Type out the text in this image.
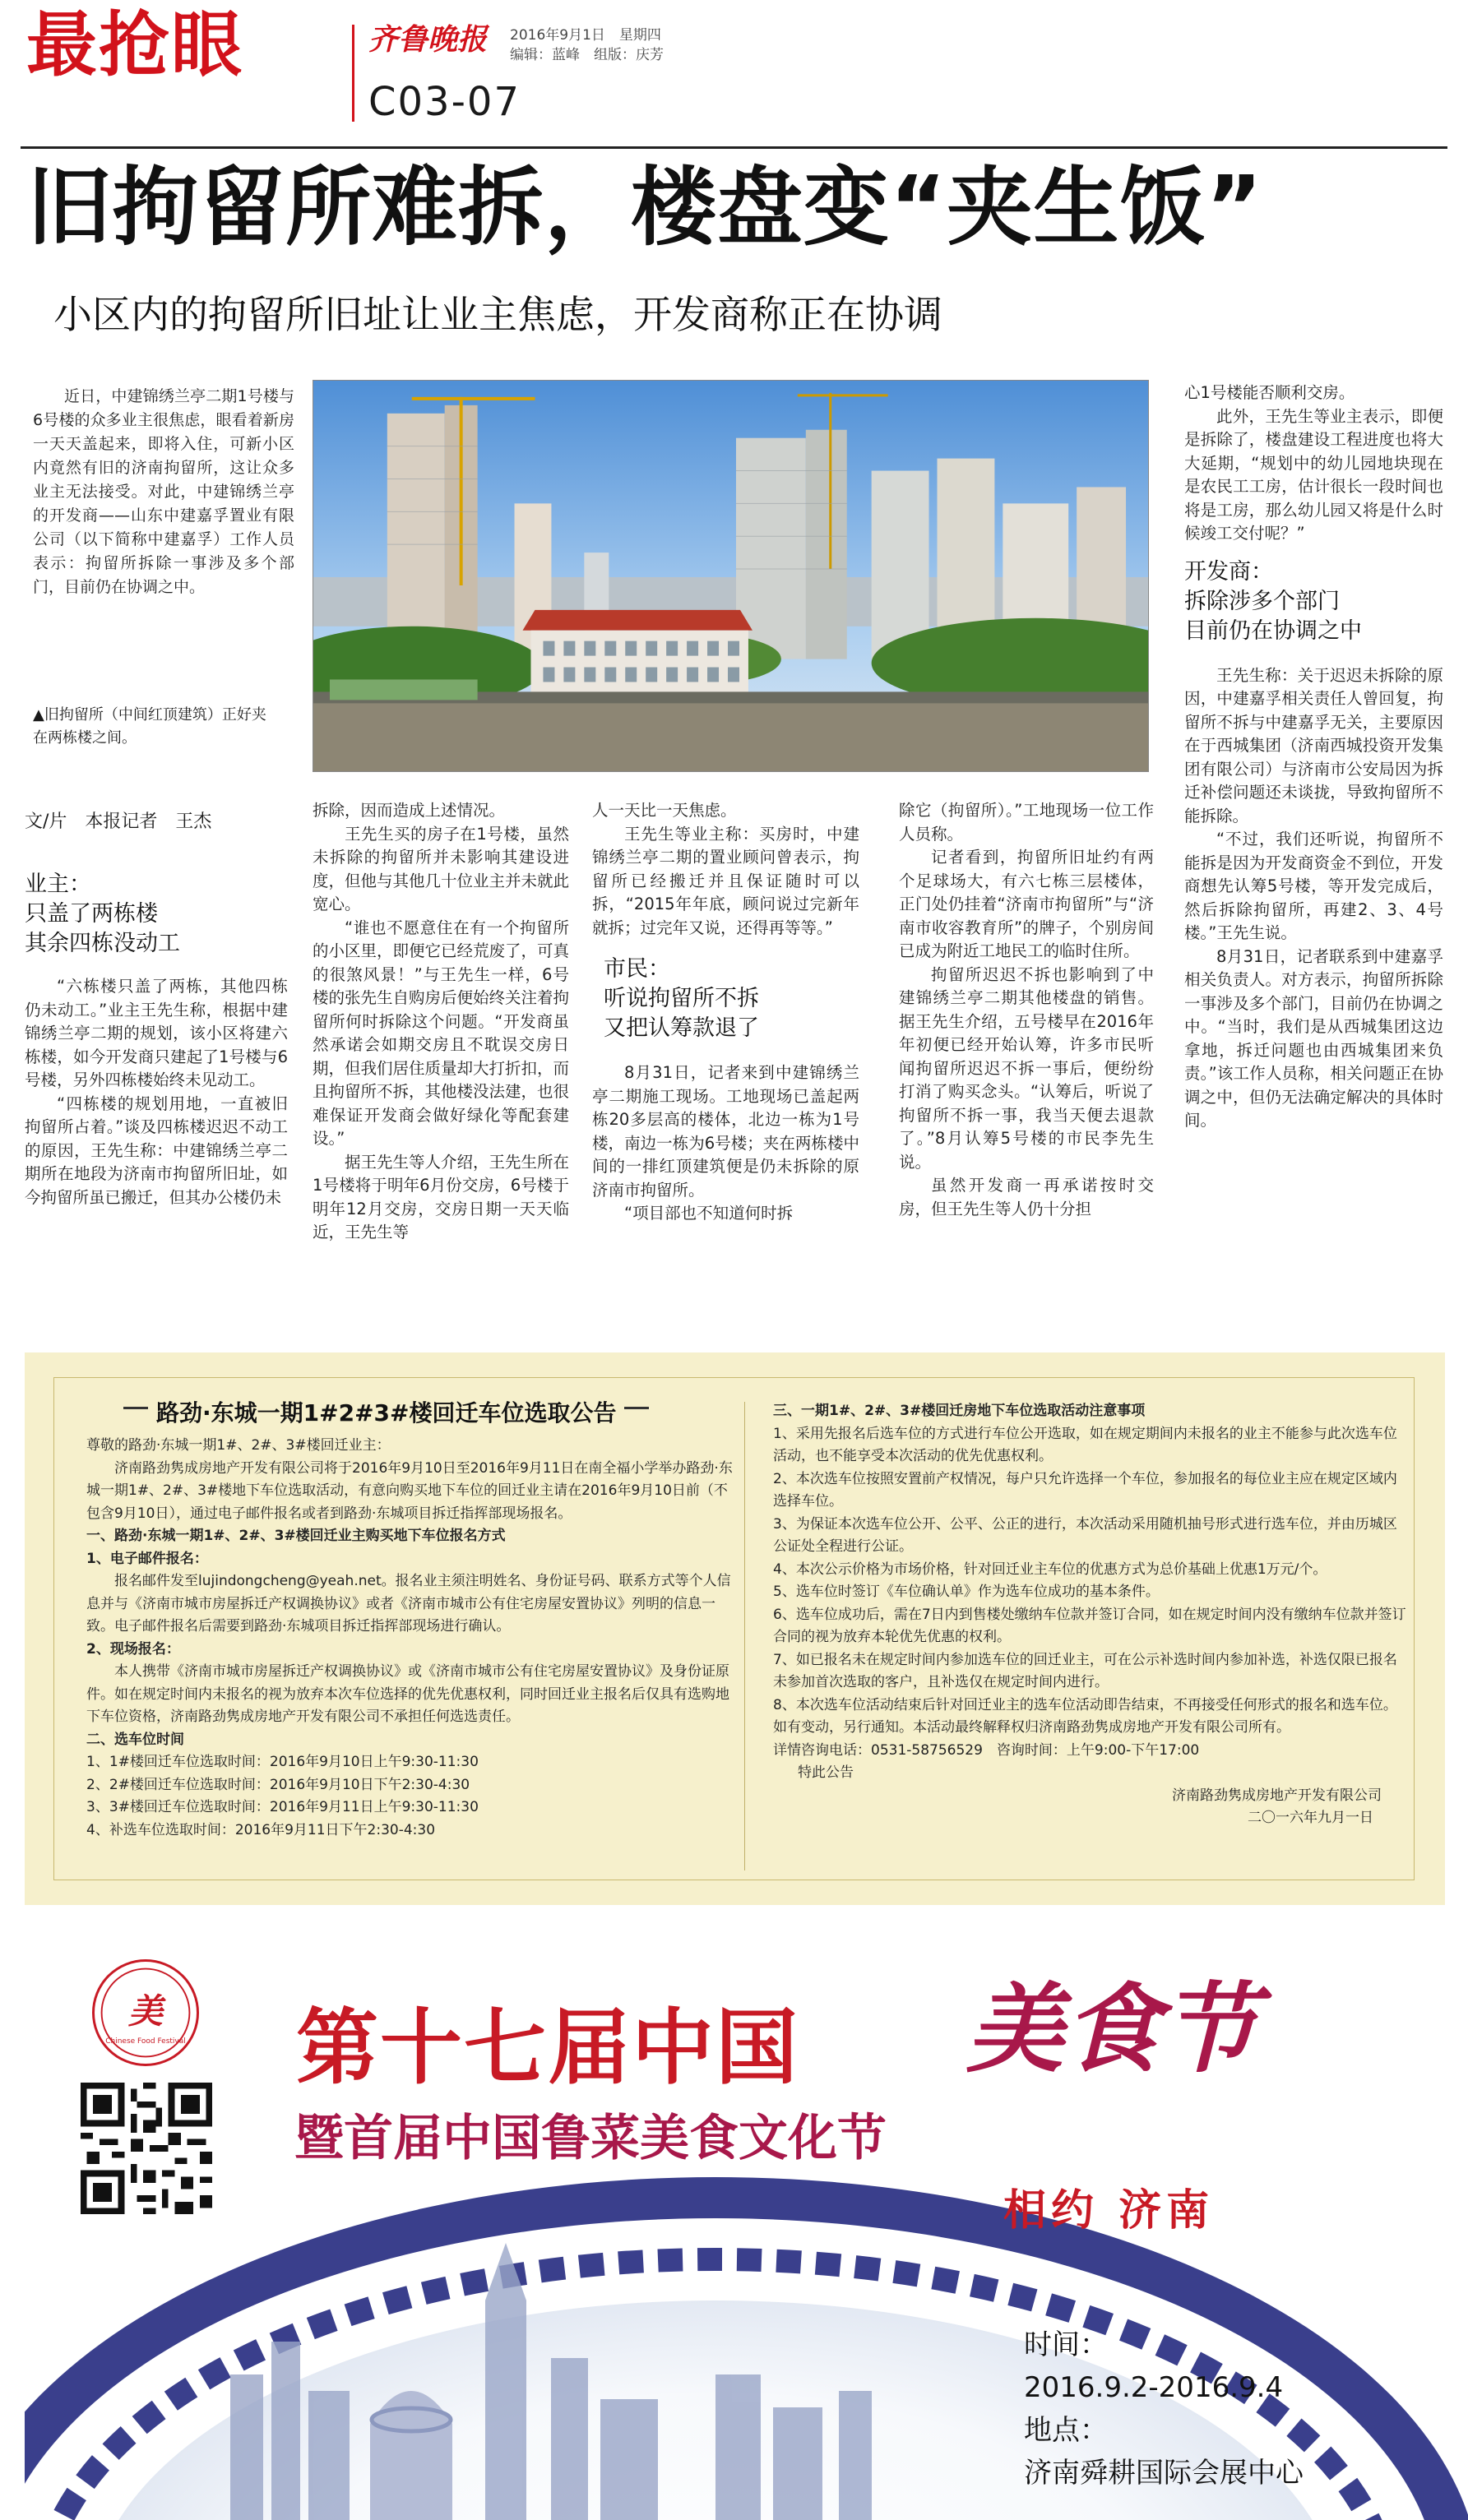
最抢眼	齐鲁晚报 2016年9月1日　星期四
编辑：蓝峰　组版：庆芳
C03-07
旧拘留所难拆，楼盘变“夹生饭”
小区内的拘留所旧址让业主焦虑，开发商称正在协调

近日，中建锦绣兰亭二期1号楼与6号楼的众多业主很焦虑，眼看着新房一天天盖起来，即将入住，可新小区内竟然有旧的济南拘留所，这让众多业主无法接受。对此，中建锦绣兰亭的开发商——山东中建嘉孚置业有限公司（以下简称中建嘉孚）工作人员表示：拘留所拆除一事涉及多个部门，目前仍在协调之中。

▲旧拘留所（中间红顶建筑）正好夹在两栋楼之间。
文/片　本报记者　王杰
业主：
只盖了两栋楼
其余四栋没动工

“六栋楼只盖了两栋，其他四栋仍未动工。”业主王先生称，根据中建锦绣兰亭二期的规划，该小区将建六栋楼，如今开发商只建起了1号楼与6号楼，另外四栋楼始终未见动工。

“四栋楼的规划用地，一直被旧拘留所占着。”谈及四栋楼迟迟不动工的原因，王先生称：中建锦绣兰亭二期所在地段为济南市拘留所旧址，如今拘留所虽已搬迁，但其办公楼仍未

拆除，因而造成上述情况。

王先生买的房子在1号楼，虽然未拆除的拘留所并未影响其建设进度，但他与其他几十位业主并未就此宽心。

“谁也不愿意住在有一个拘留所的小区里，即便它已经荒废了，可真的很煞风景！”与王先生一样，6号楼的张先生自购房后便始终关注着拘留所何时拆除这个问题。“开发商虽然承诺会如期交房且不耽误交房日期，但我们居住质量却大打折扣，而且拘留所不拆，其他楼没法建，也很难保证开发商会做好绿化等配套建设。”

据王先生等人介绍，王先生所在1号楼将于明年6月份交房，6号楼于明年12月交房，交房日期一天天临近，王先生等

人一天比一天焦虑。

王先生等业主称：买房时，中建锦绣兰亭二期的置业顾问曾表示，拘留所已经搬迁并且保证随时可以拆，“2015年年底，顾问说过完新年就拆；过完年又说，还得再等等。”

市民：
听说拘留所不拆
又把认筹款退了

8月31日，记者来到中建锦绣兰亭二期施工现场。工地现场已盖起两栋20多层高的楼体，北边一栋为1号楼，南边一栋为6号楼；夹在两栋楼中间的一排红顶建筑便是仍未拆除的原济南市拘留所。

“项目部也不知道何时拆

除它（拘留所）。”工地现场一位工作人员称。

记者看到，拘留所旧址约有两个足球场大，有六七栋三层楼体，正门处仍挂着“济南市拘留所”与“济南市收容教育所”的牌子，个别房间已成为附近工地民工的临时住所。

拘留所迟迟不拆也影响到了中建锦绣兰亭二期其他楼盘的销售。据王先生介绍，五号楼早在2016年年初便已经开始认筹，许多市民听闻拘留所迟迟不拆一事后，便纷纷打消了购买念头。“认筹后，听说了拘留所不拆一事，我当天便去退款了。”8月认筹5号楼的市民李先生说。

虽然开发商一再承诺按时交房，但王先生等人仍十分担

心1号楼能否顺利交房。

此外，王先生等业主表示，即便是拆除了，楼盘建设工程进度也将大大延期，“规划中的幼儿园地块现在是农民工工房，估计很长一段时间也将是工房，那么幼儿园又将是什么时候竣工交付呢？”

开发商：
拆除涉多个部门
目前仍在协调之中

王先生称：关于迟迟未拆除的原因，中建嘉孚相关责任人曾回复，拘留所不拆与中建嘉孚无关，主要原因在于西城集团（济南西城投资开发集团有限公司）与济南市公安局因为拆迁补偿问题还未谈拢，导致拘留所不能拆除。

“不过，我们还听说，拘留所不能拆是因为开发商资金不到位，开发商想先认筹5号楼，等开发完成后，然后拆除拘留所，再建2、3、4号楼。”王先生说。

8月31日，记者联系到中建嘉孚相关负责人。对方表示，拘留所拆除一事涉及多个部门，目前仍在协调之中。“当时，我们是从西城集团这边拿地，拆迁问题也由西城集团来负责。”该工作人员称，相关问题正在协调之中，但仍无法确定解决的具体时间。

路劲·东城一期1#2#3#楼回迁车位选取公告
尊敬的路劲·东城一期1#、2#、3#楼回迁业主：
济南路劲隽成房地产开发有限公司将于2016年9月10日至2016年9月11日在南全福小学举办路劲·东城一期1#、2#、3#楼地下车位选取活动，有意向购买地下车位的回迁业主请在2016年9月10日前（不包含9月10日），通过电子邮件报名或者到路劲·东城项目拆迁指挥部现场报名。
一、路劲·东城一期1#、2#、3#楼回迁业主购买地下车位报名方式
1、电子邮件报名：
报名邮件发至lujindongcheng@yeah.net。报名业主须注明姓名、身份证号码、联系方式等个人信息并与《济南市城市房屋拆迁产权调换协议》或者《济南市城市公有住宅房屋安置协议》列明的信息一致。电子邮件报名后需要到路劲·东城项目拆迁指挥部现场进行确认。
2、现场报名：
本人携带《济南市城市房屋拆迁产权调换协议》或《济南市城市公有住宅房屋安置协议》及身份证原件。如在规定时间内未报名的视为放弃本次车位选择的优先优惠权利，同时回迁业主报名后仅具有选购地下车位资格，济南路劲隽成房地产开发有限公司不承担任何选选责任。
二、选车位时间
1、1#楼回迁车位选取时间：2016年9月10日上午9:30-11:30
2、2#楼回迁车位选取时间：2016年9月10日下午2:30-4:30
3、3#楼回迁车位选取时间：2016年9月11日上午9:30-11:30
4、补选车位选取时间：2016年9月11日下午2:30-4:30
三、一期1#、2#、3#楼回迁房地下车位选取活动注意事项
1、采用先报名后选车位的方式进行车位公开选取，如在规定期间内未报名的业主不能参与此次选车位活动，也不能享受本次活动的优先优惠权利。
2、本次选车位按照安置前产权情况，每户只允许选择一个车位，参加报名的每位业主应在规定区域内选择车位。
3、为保证本次选车位公开、公平、公正的进行，本次活动采用随机抽号形式进行选车位，并由历城区公证处全程进行公证。
4、本次公示价格为市场价格，针对回迁业主车位的优惠方式为总价基础上优惠1万元/个。
5、选车位时签订《车位确认单》作为选车位成功的基本条件。
6、选车位成功后，需在7日内到售楼处缴纳车位款并签订合同，如在规定时间内没有缴纳车位款并签订合同的视为放弃本轮优先优惠的权利。
7、如已报名未在规定时间内参加选车位的回迁业主，可在公示补选时间内参加补选，补选仅限已报名未参加首次选取的客户，且补选仅在规定时间内进行。
8、本次选车位活动结束后针对回迁业主的选车位活动即告结束，不再接受任何形式的报名和选车位。
如有变动，另行通知。本活动最终解释权归济南路劲隽成房地产开发有限公司所有。
详情咨询电话：0531-58756529　咨询时间：上午9:00-下午17:00
特此公告
济南路劲隽成房地产开发有限公司
二〇一六年九月一日
美
Chinese Food Festival 第十七届中国 美食节
暨首届中国鲁菜美食文化节
相约 济南
时间：
2016.9.2-2016.9.4
地点：
济南舜耕国际会展中心
